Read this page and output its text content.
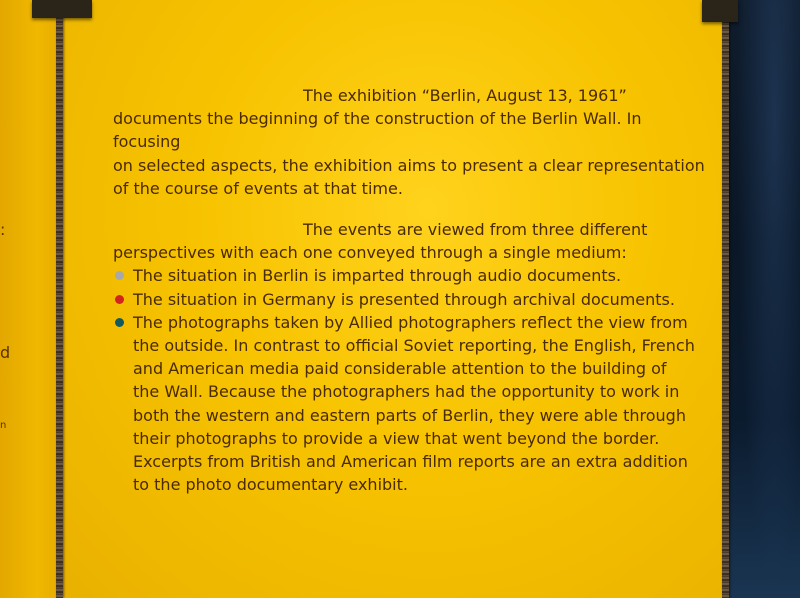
:
d
n

The exhibition “Berlin, August 13, 1961”
documents the beginning of the construction of the Berlin Wall. In focusing
on selected aspects, the exhibition aims to present a clear representation
of the course of events at that time.

The events are viewed from three different
perspectives with each one conveyed through a single medium:

The situation in Berlin is imparted through audio documents.
The situation in Germany is presented through archival documents.
The photographs taken by Allied photographers reflect the view from
the outside. In contrast to official Soviet reporting, the English, French
and American media paid considerable attention to the building of
the Wall. Because the photographers had the opportunity to work in
both the western and eastern parts of Berlin, they were able through
their photographs to provide a view that went beyond the border.
Excerpts from British and American film reports are an extra addition
to the photo documentary exhibit.
